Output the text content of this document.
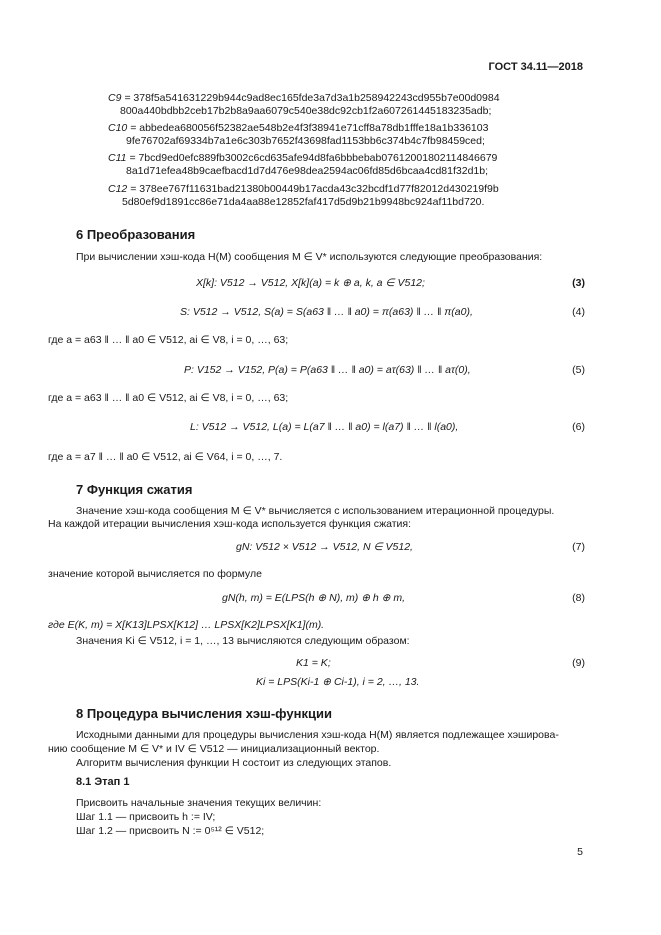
ГОСТ 34.11—2018
C9 = 378f5a541631229b944c9ad8ec165fde3a7d3a1b258942243cd955b7e00d0984
800a440bdbb2ceb17b2b8a9aa6079c540e38dc92cb1f2a607261445183235adb;
C10 = abbedea680056f52382ae548b2e4f3f38941e71cff8a78db1fffe18a1b336103
9fe76702af69334b7a1e6c303b7652f43698fad1153bb6c374b4c7fb98459ced;
C11 = 7bcd9ed0efc889fb3002c6cd635afe94d8fa6bbbebab07612001802114846679
8a1d71efea48b9caefbacd1d7d476e98dea2594ac06fd85d6bcaa4cd81f32d1b;
C12 = 378ee767f11631bad21380b00449b17acda43c32bcdf1d77f82012d430219f9b
5d80ef9d1891cc86e71da4aa88e12852faf417d5d9b21b9948bc924af11bd720.
6 Преобразования
При вычислении хэш-кода H(M) сообщения M ∈ V* используются следующие преобразования:
X[k]: V512 → V512, X[k](a) = k ⊕ a, k, a ∈ V512;	(3)
S: V512 → V512, S(a) = S(a63 ‖ … ‖ a0) = π(a63) ‖ … ‖ π(a0),	(4)
где a = a63 ‖ … ‖ a0 ∈ V512, ai ∈ V8, i = 0, …, 63;
P: V152 → V152, P(a) = P(a63 ‖ … ‖ a0) = aτ(63) ‖ … ‖ aτ(0),	(5)
где a = a63 ‖ … ‖ a0 ∈ V512, ai ∈ V8, i = 0, …, 63;
L: V512 → V512, L(a) = L(a7 ‖ … ‖ a0) = l(a7) ‖ … ‖ l(a0),	(6)
где a = a7 ‖ … ‖ a0 ∈ V512, ai ∈ V64, i = 0, …, 7.
7 Функция сжатия
Значение хэш-кода сообщения M ∈ V* вычисляется с использованием итерационной процедуры.
На каждой итерации вычисления хэш-кода используется функция сжатия:
gN: V512 × V512 → V512, N ∈ V512,	(7)
значение которой вычисляется по формуле
gN(h, m) = E(LPS(h ⊕ N), m) ⊕ h ⊕ m,	(8)
где E(K, m) = X[K13]LPSX[K12] … LPSX[K2]LPSX[K1](m).
Значения Ki ∈ V512, i = 1, …, 13 вычисляются следующим образом:
K1 = K;	(9)
Ki = LPS(Ki-1 ⊕ Ci-1), i = 2, …, 13.
8 Процедура вычисления хэш-функции
Исходными данными для процедуры вычисления хэш-кода H(M) является подлежащее хэширова-
нию сообщение M ∈ V* и IV ∈ V512 — инициализационный вектор.
Алгоритм вычисления функции H состоит из следующих этапов.
8.1 Этап 1
Присвоить начальные значения текущих величин:
Шаг 1.1 — присвоить h := IV;
Шаг 1.2 — присвоить N := 0⁵¹² ∈ V512;
5
